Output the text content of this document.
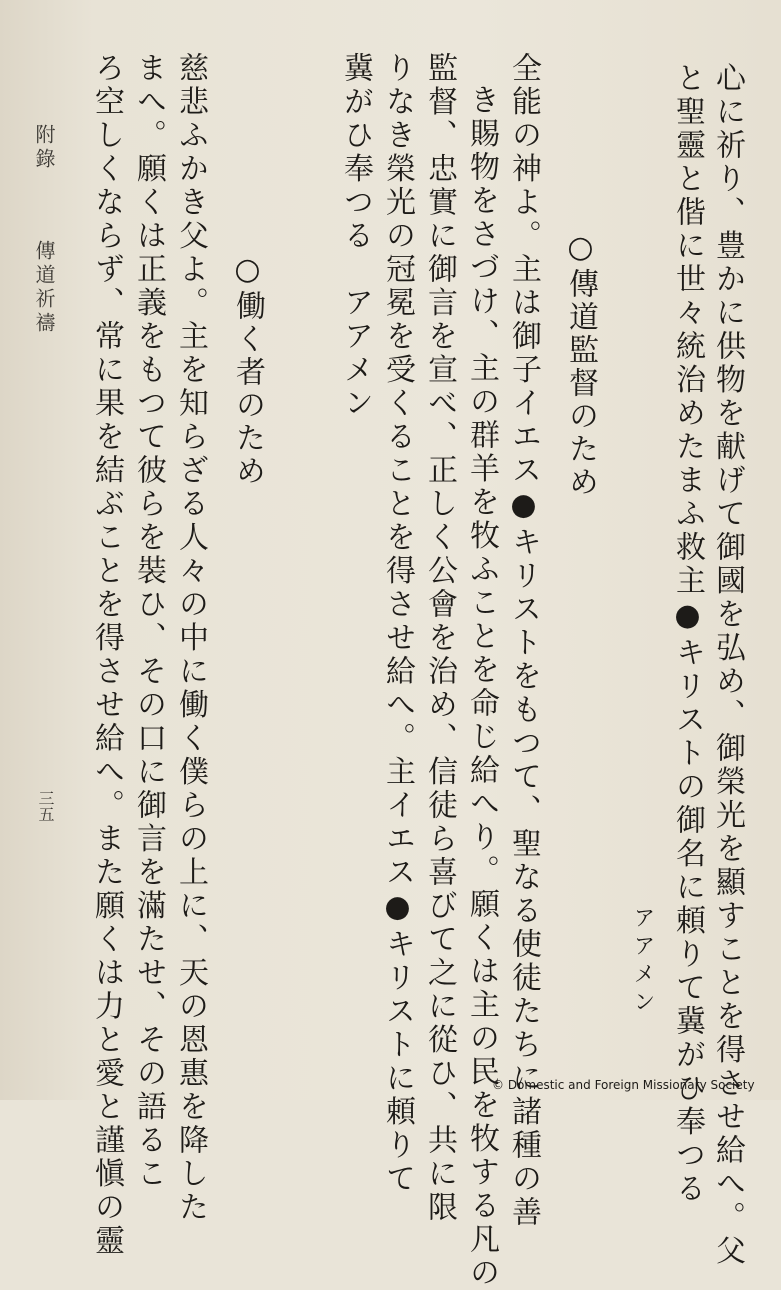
心に祈り、豊かに供物を献げて御國を弘め、御榮光を顯すことを得させ給へ。父
と聖靈と偕に世々統治めたまふ救主●キリストの御名に頼りて冀がひ奉つる
アアメン
○傳道監督のため
全能の神よ。主は御子イエス●キリストをもつて、聖なる使徒たちに諸種の善
き賜物をさづけ、主の群羊を牧ふことを命じ給へり。願くは主の民を牧する凡の
監督、忠實に御言を宣べ、正しく公會を治め、信徒ら喜びて之に從ひ、共に限
りなき榮光の冠冕を受くることを得させ給へ。主イエス●キリストに頼りて
冀がひ奉つる　アアメン
○働く者のため
慈悲ふかき父よ。主を知らざる人々の中に働く僕らの上に、天の恩惠を降した
まへ。願くは正義をもつて彼らを裝ひ、その口に御言を滿たせ、その語るこ
ろ空しくならず、常に果を結ぶことを得させ給へ。また願くは力と愛と謹愼の靈
附錄
傳道祈禱
三五
© Domestic and Foreign Missionary Society
